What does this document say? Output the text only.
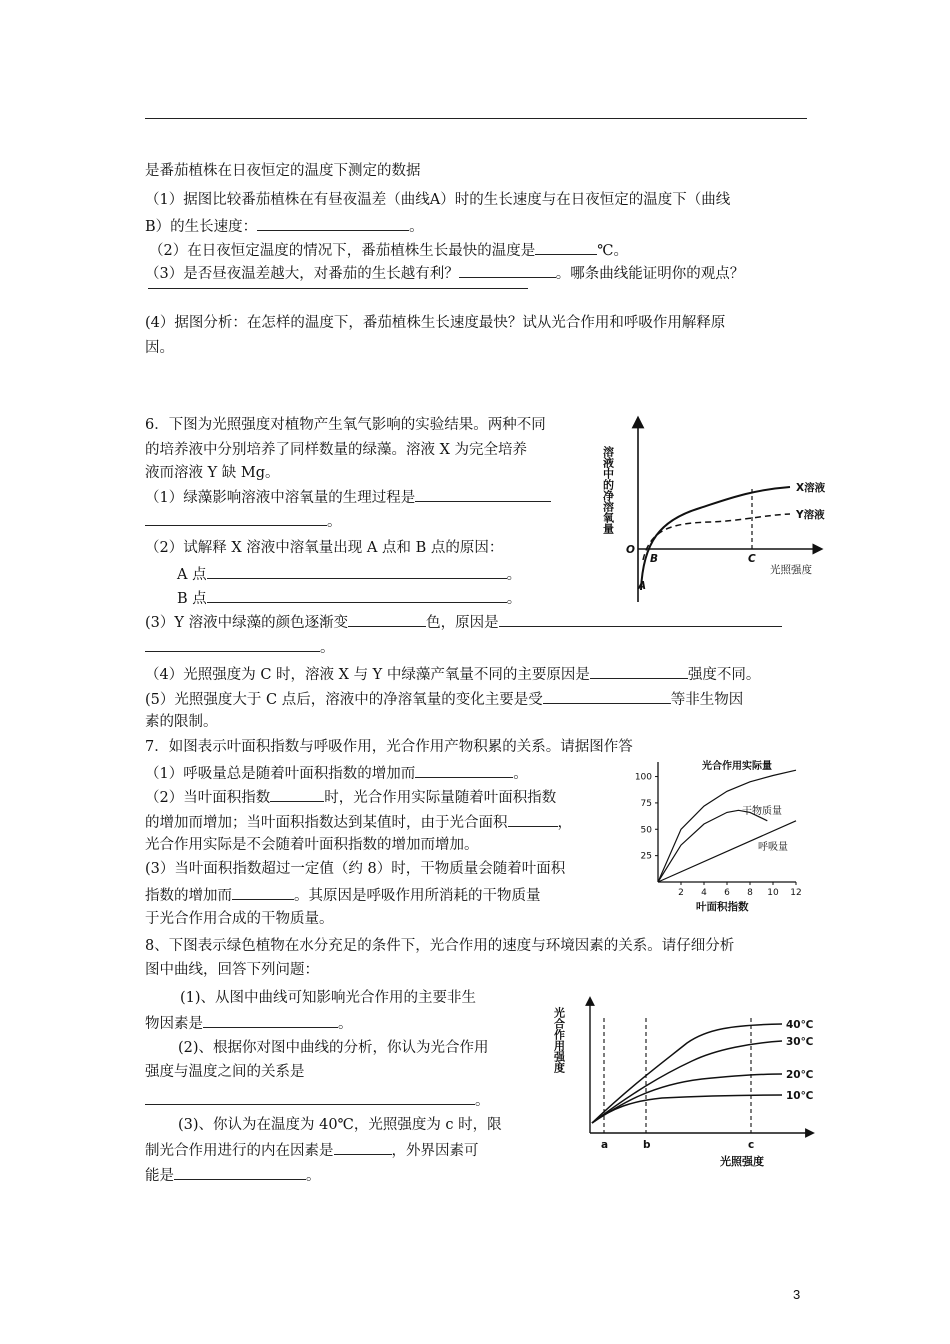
是番茄植株在日夜恒定的温度下测定的数据
（1）据图比较番茄植株在有昼夜温差（曲线A）时的生长速度与在日夜恒定的温度下（曲线
B）的生长速度：	。
（2）在日夜恒定温度的情况下，番茄植株生长最快的温度是	℃。
（3）是否昼夜温差越大，对番茄的生长越有利？	。哪条曲线能证明你的观点？
(4）据图分析：在怎样的温度下，番茄植株生长速度最快？试从光合作用和呼吸作用解释原
因。
6．下图为光照强度对植物产生氧气影响的实验结果。两种不同
的培养液中分别培养了同样数量的绿藻。溶液 X 为完全培养
液而溶液 Y 缺 Mg。
（1）绿藻影响溶液中溶氧量的生理过程是
。
（2）试解释 X 溶液中溶氧量出现 A 点和 B 点的原因：
A 点	。
B 点	。
(3）Y 溶液中绿藻的颜色逐渐变	色，原因是
。
（4）光照强度为 C 时，溶液 X 与 Y 中绿藻产氧量不同的主要原因是	强度不同。
(5）光照强度大于 C 点后，溶液中的净溶氧量的变化主要是受	等非生物因
素的限制。
溶液中的净溶氧量
光照强度
O
X溶液
Y溶液
A
B	C
7．如图表示叶面积指数与呼吸作用，光合作用产物积累的关系。请据图作答
（1）呼吸量总是随着叶面积指数的增加而	。
（2）当叶面积指数	时，光合作用实际量随着叶面积指数
的增加而增加；当叶面积指数达到某值时，由于光合面积	，
光合作用实际是不会随着叶面积指数的增加而增加。
(3）当叶面积指数超过一定值（约 8）时，干物质量会随着叶面积
指数的增加而	。其原因是呼吸作用所消耗的干物质量
于光合作用合成的干物质量。
25
50
75
100
2 4 6 8 10 12
光合作用实际量
干物质量
呼吸量
叶面积指数
8、下图表示绿色植物在水分充足的条件下，光合作用的速度与环境因素的关系。请仔细分析
图中曲线，回答下列问题：
(1)、从图中曲线可知影响光合作用的主要非生
物因素是	。
(2)、根据你对图中曲线的分析，你认为光合作用
强度与温度之间的关系是
。
(3)、你认为在温度为 40℃，光照强度为 c 时，限
制光合作用进行的内在因素是	，外界因素可
能是	。
光合作用强度
光照强度
a	b	c
40℃
30℃
20℃
10℃
3
